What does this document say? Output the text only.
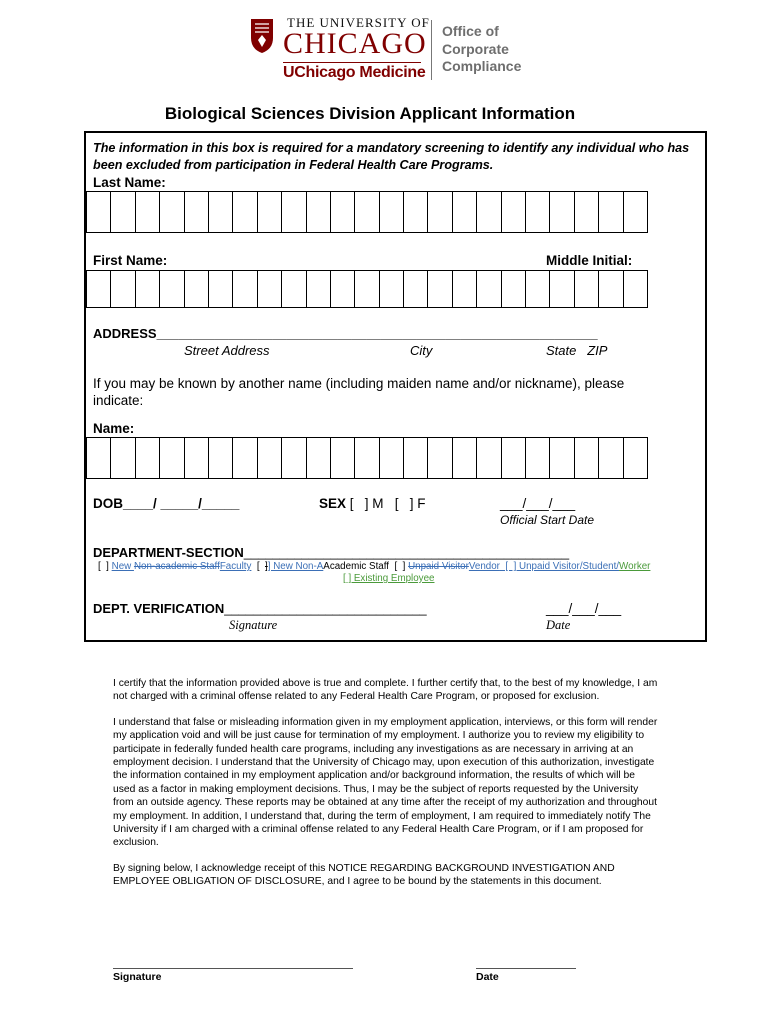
THE UNIVERSITY OF
CHICAGO
UChicago Medicine
Office of
Corporate
Compliance
Biological Sciences Division Applicant Information
The information in this box is required for a mandatory screening to identify any individual who has been excluded from participation in Federal Health Care Programs.
Last Name:
First Name:	Middle Initial:
ADDRESS_____________________________________________________________
Street Address	City	State   ZIP
If you may be known by another name (including maiden name and/or nickname), please indicate:
Name:
DOB____/ _____/_____	SEX [   ] M   [   ] F	___/___/___
Official Start Date
DEPARTMENT-SECTION_____________________________________________
[  ] New Non-academic StaffFaculty  [  ]] New Non-AAcademic Staff  [  ] Unpaid VisitorVendor  [  ] Unpaid Visitor/Student/Worker
[ ] Existing Employee
DEPT. VERIFICATION____________________________	___/___/___
Signature	Date

I certify that the information provided above is true and complete. I further certify that, to the best of my knowledge, I am not charged with a criminal offense related to any Federal Health Care Program, or proposed for exclusion.

I understand that false or misleading information given in my employment application, interviews, or this form will render my application void and will be just cause for termination of my employment. I authorize you to review my eligibility to participate in federally funded health care programs, including any investigations as are necessary in arriving at an employment decision. I understand that the University of Chicago may, upon execution of this authorization, investigate the information contained in my employment application and/or background information, the results of which will be used as a factor in making employment decisions. Thus, I may be the subject of reports requested by the University from an outside agency. These reports may be obtained at any time after the receipt of my authorization and throughout my employment. In addition, I understand that, during the term of employment, I am required to immediately notify The University if I am charged with a criminal offense related to any Federal Health Care Program, or if I am proposed for exclusion.

By signing below, I acknowledge receipt of this NOTICE REGARDING BACKGROUND INVESTIGATION AND EMPLOYEE OBLIGATION OF DISCLOSURE, and I agree to be bound by the statements in this document.

Signature	Date
